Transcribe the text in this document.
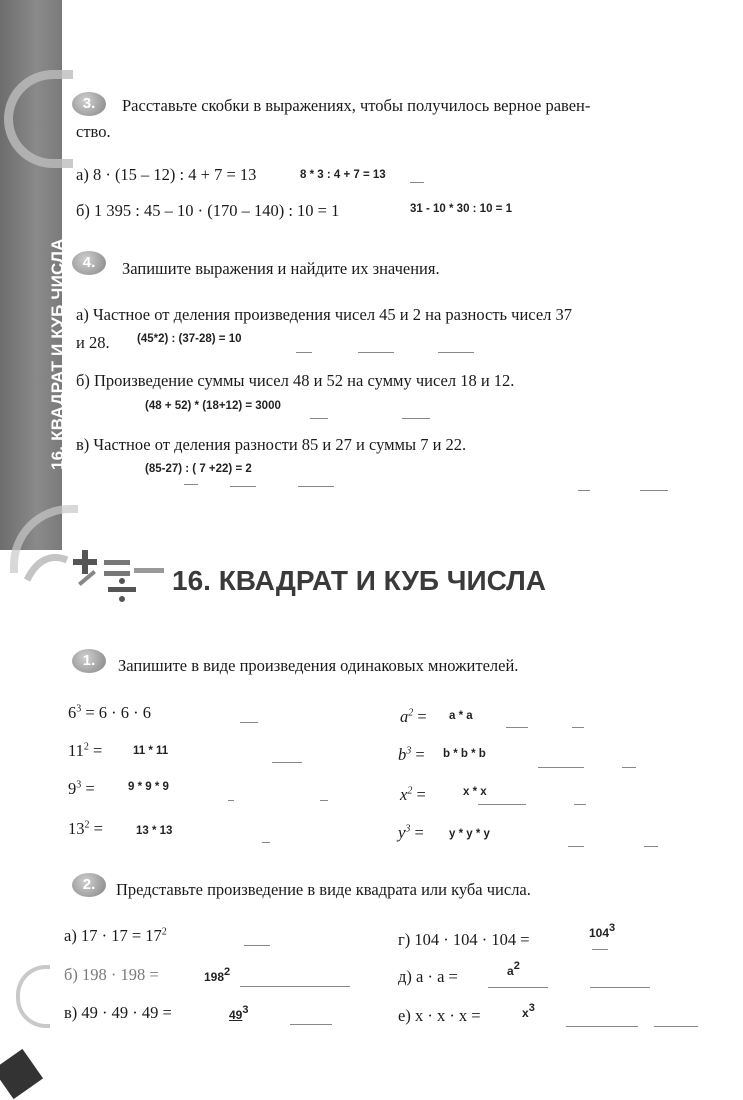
16. КВАДРАТ И КУБ ЧИСЛА
3.	Расставьте скобки в выражениях, чтобы получилось верное равен-
ство.
а) 8 · (15 – 12) : 4 + 7 = 13	8 * 3 : 4 + 7 = 13
б) 1 395 : 45 – 10 · (170 – 140) : 10 = 1	31 - 10 * 30 : 10 = 1
4.	Запишите выражения и найдите их значения.
а) Частное от деления произведения чисел 45 и 2 на разность чисел 37
и 28. (45*2) : (37-28) = 10
б) Произведение суммы чисел 48 и 52 на сумму чисел 18 и 12.
(48 + 52) * (18+12) = 3000
в) Частное от деления разности 85 и 27 и суммы 7 и 22.
(85-27) : ( 7 +22) = 2
16. КВАДРАТ И КУБ ЧИСЛА
1.	Запишите в виде произведения одинаковых множителей.
$6^3 = 6 \cdot 6 \cdot 6$
$11^2$ =	11 * 11
$9^3$ =	9 * 9 * 9
$13^2$ =	13 * 13
$a^2 = a * a$
$b^3 = b * b * b$
$x^2$ =	x * x
$y^3 = y * y * y$
2.	Представьте произведение в виде квадрата или куба числа.
а) $17 \cdot 17 = 17^2$
б) 198 · 198 =	1982
в) 49 · 49 · 49 =	493
г) 104 · 104 · 104 =	1043
д) a · a =	a2
е) x · x · x =	x3
